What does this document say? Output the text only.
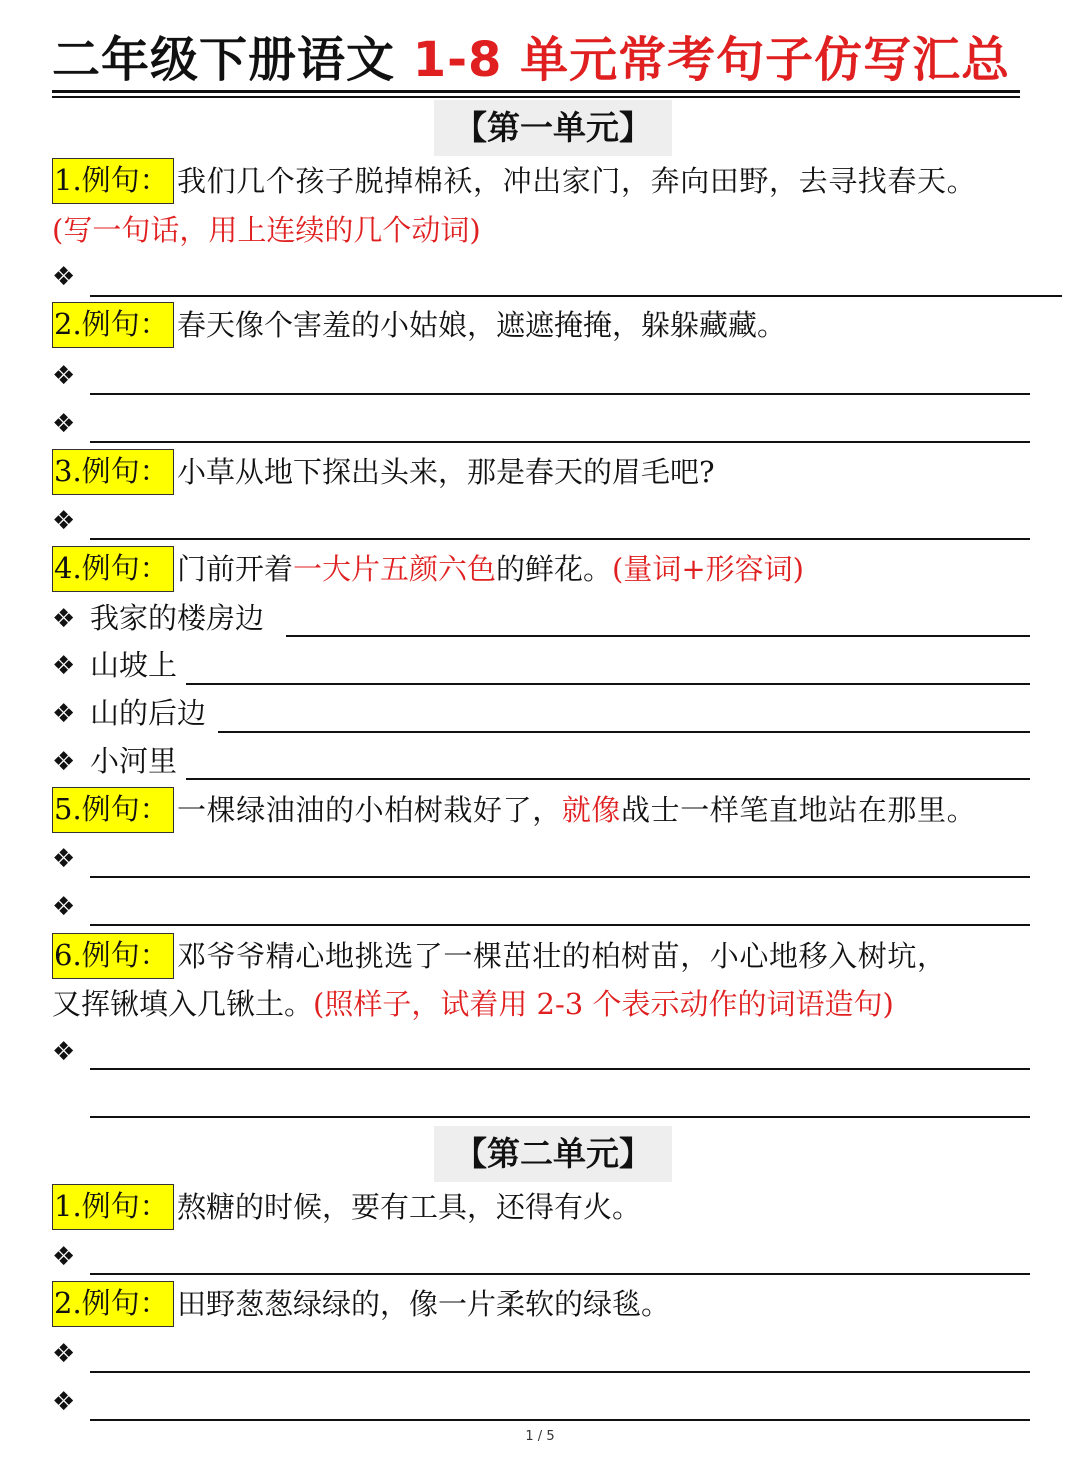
二年级下册语文 1-8 单元常考句子仿写汇总
【第一单元】
1.例句： 我们几个孩子脱掉棉袄，冲出家门，奔向田野，去寻找春天。
(写一句话，用上连续的几个动词)
❖
2.例句： 春天像个害羞的小姑娘，遮遮掩掩，躲躲藏藏。
❖
❖
3.例句： 小草从地下探出头来，那是春天的眉毛吧?
❖
4.例句： 门前开着一大片五颜六色的鲜花。(量词+形容词)
❖ 我家的楼房边
❖ 山坡上
❖ 山的后边
❖ 小河里
5.例句： 一棵绿油油的小柏树栽好了，就像战士一样笔直地站在那里。
❖
❖
6.例句： 邓爷爷精心地挑选了一棵茁壮的柏树苗，小心地移入树坑，
又挥锹填入几锹土。(照样子，试着用 2-3 个表示动作的词语造句)
❖
【第二单元】
1.例句： 熬糖的时候，要有工具，还得有火。
❖
2.例句： 田野葱葱绿绿的，像一片柔软的绿毯。
❖
❖
1 / 5
